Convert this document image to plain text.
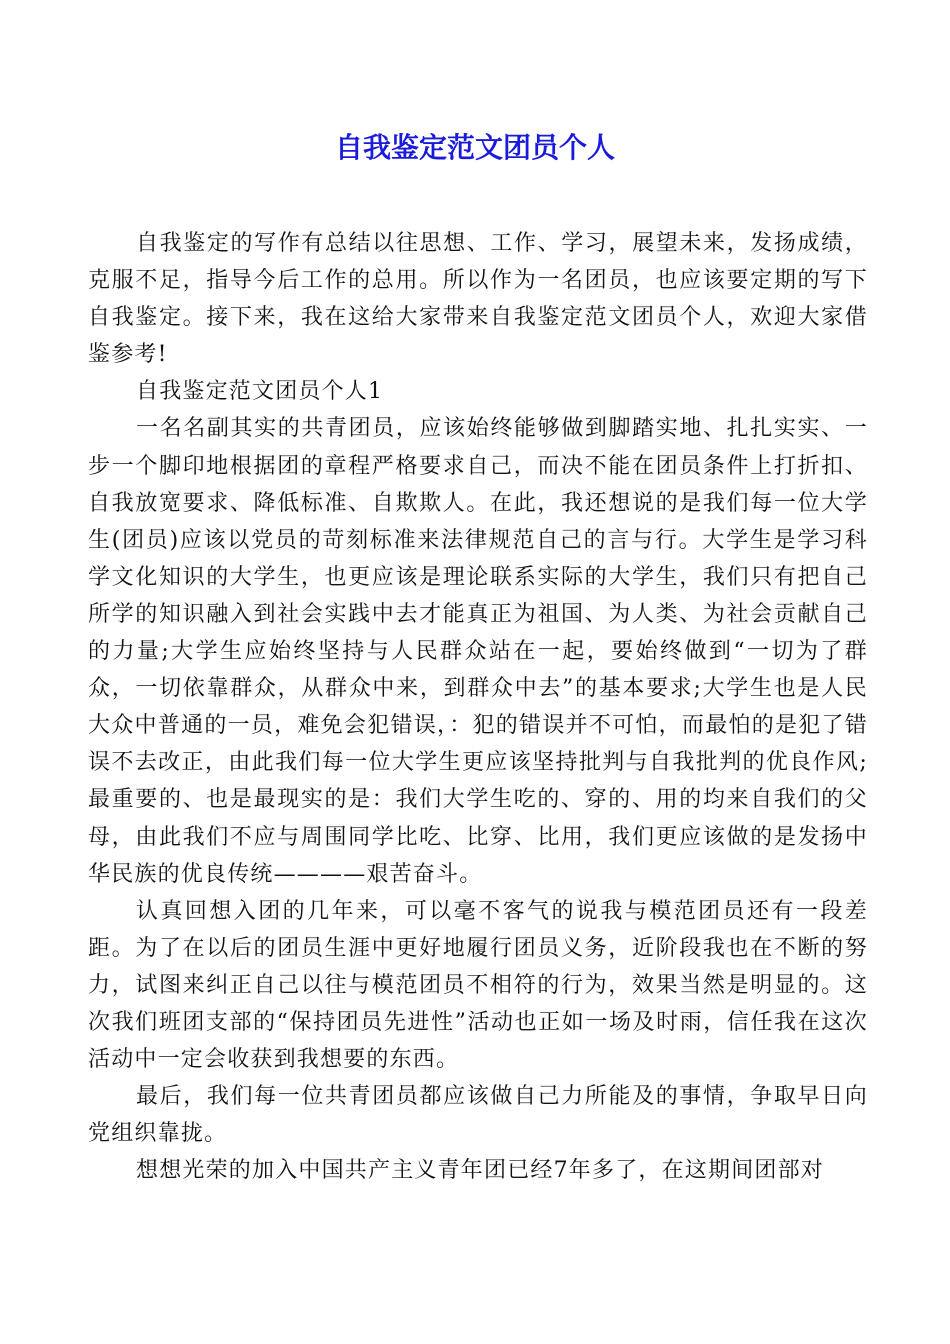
自我鉴定范文团员个人

自我鉴定的写作有总结以往思想、工作、学习，展望未来，发扬成绩，克服不足，指导今后工作的总用。所以作为一名团员，也应该要定期的写下自我鉴定。接下来，我在这给大家带来自我鉴定范文团员个人，欢迎大家借鉴参考!

自我鉴定范文团员个人1

一名名副其实的共青团员，应该始终能够做到脚踏实地、扎扎实实、一步一个脚印地根据团的章程严格要求自己，而决不能在团员条件上打折扣、自我放宽要求、降低标准、自欺欺人。在此，我还想说的是我们每一位大学生(团员)应该以党员的苛刻标准来法律规范自己的言与行。大学生是学习科学文化知识的大学生，也更应该是理论联系实际的大学生，我们只有把自己所学的知识融入到社会实践中去才能真正为祖国、为人类、为社会贡献自己的力量;大学生应始终坚持与人民群众站在一起，要始终做到“一切为了群众，一切依靠群众，从群众中来，到群众中去”的基本要求;大学生也是人民大众中普通的一员，难免会犯错误，：犯的错误并不可怕，而最怕的是犯了错误不去改正，由此我们每一位大学生更应该坚持批判与自我批判的优良作风;最重要的、也是最现实的是：我们大学生吃的、穿的、用的均来自我们的父母，由此我们不应与周围同学比吃、比穿、比用，我们更应该做的是发扬中华民族的优良传统————艰苦奋斗。

认真回想入团的几年来，可以毫不客气的说我与模范团员还有一段差距。为了在以后的团员生涯中更好地履行团员义务，近阶段我也在不断的努力，试图来纠正自己以往与模范团员不相符的行为，效果当然是明显的。这次我们班团支部的“保持团员先进性”活动也正如一场及时雨，信任我在这次活动中一定会收获到我想要的东西。

最后，我们每一位共青团员都应该做自己力所能及的事情，争取早日向党组织靠拢。

想想光荣的加入中国共产主义青年团已经7年多了，在这期间团部对
